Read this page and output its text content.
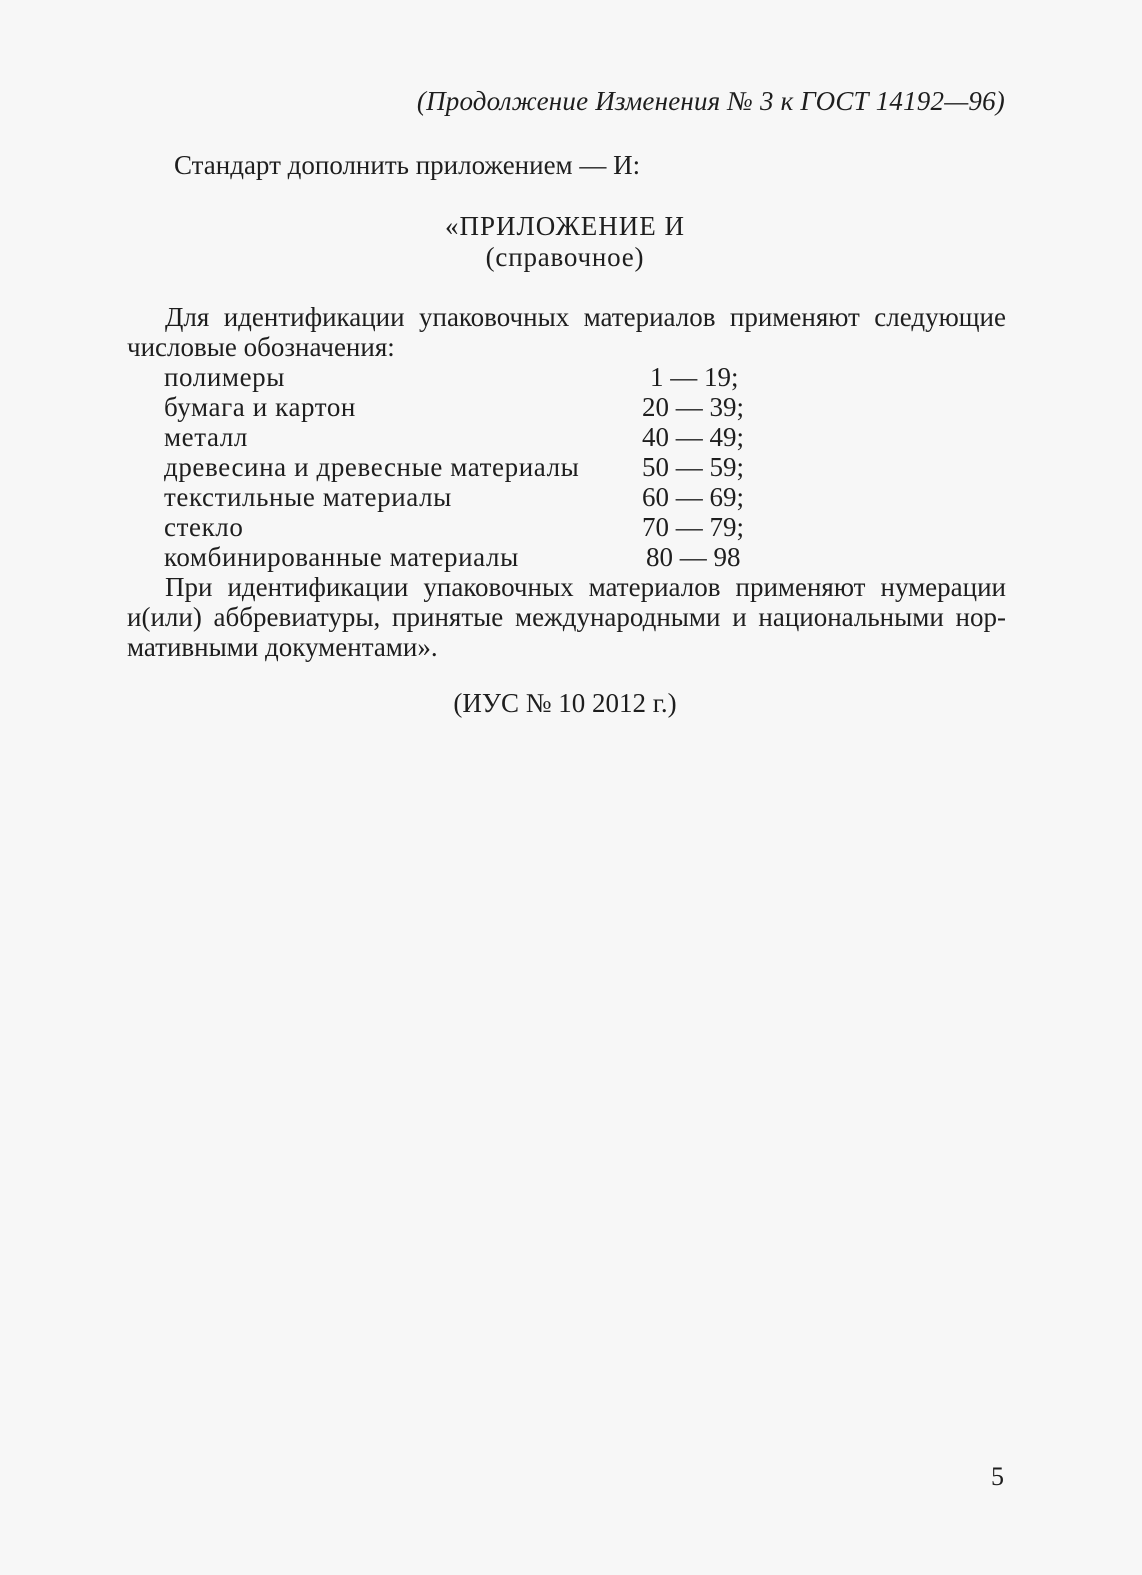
(Продолжение Изменения № 3 к ГОСТ 14192—96)
Стандарт дополнить приложением — И:
«ПРИЛОЖЕНИЕ И
(справочное)
Для идентификации упаковочных материалов применяют следующие
числовые обозначения:
полимеры	1 — 19;
бумага и картон	20 — 39;
металл	40 — 49;
древесина и древесные материалы	50 — 59;
текстильные материалы	60 — 69;
стекло	70 — 79;
комбинированные материалы	80 — 98
При идентификации упаковочных материалов применяют нумерации
и(или) аббревиатуры, принятые международными и национальными нор-
мативными документами».
(ИУС № 10 2012 г.)
5
